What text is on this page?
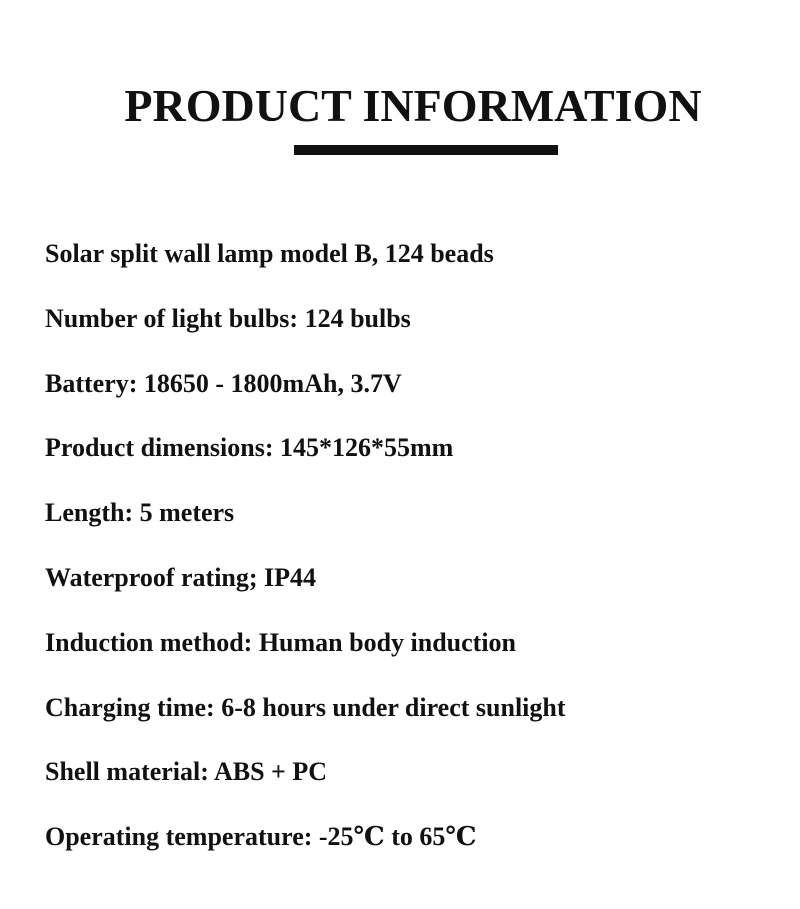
PRODUCT INFORMATION
Solar split wall lamp model B, 124 beads
Number of light bulbs: 124 bulbs
Battery: 18650 - 1800mAh, 3.7V
Product dimensions: 145*126*55mm
Length: 5 meters
Waterproof rating; IP44
Induction method: Human body induction
Charging time: 6-8 hours under direct sunlight
Shell material: ABS + PC
Operating temperature: -25℃ to 65℃
